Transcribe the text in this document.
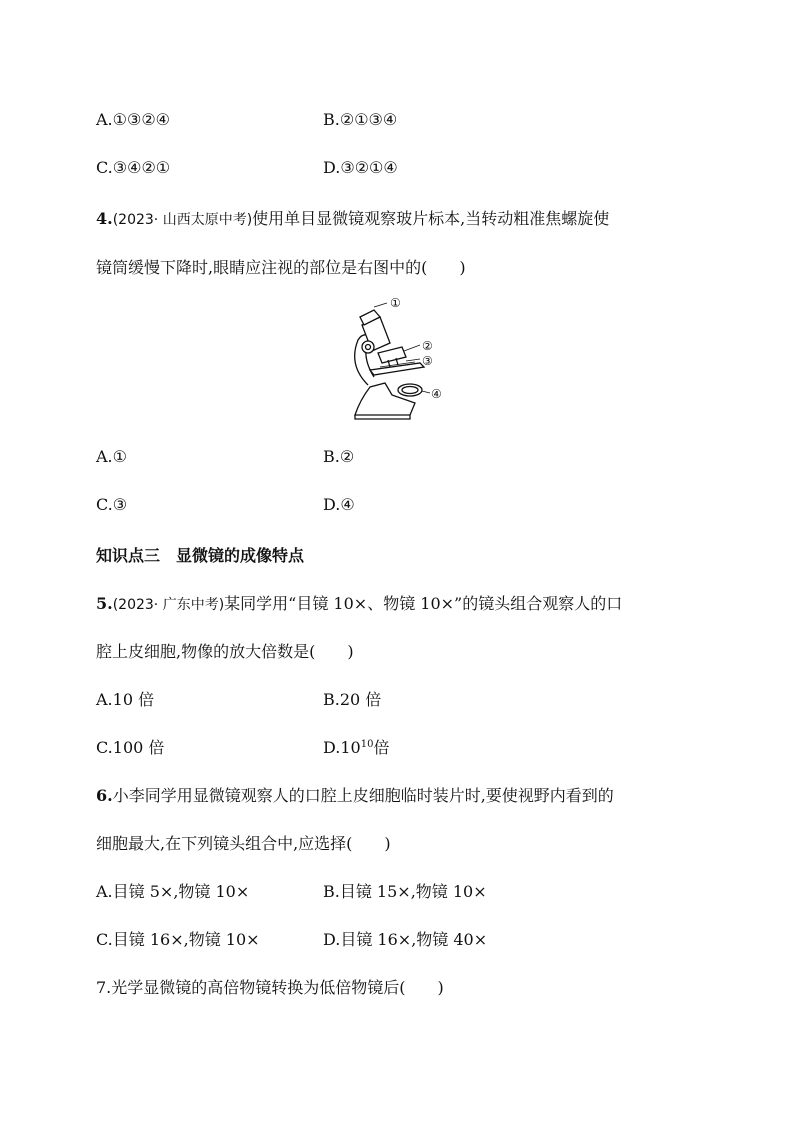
A.①③②④	B.②①③④
C.③④②①	D.③②①④
4.(2023· 山西太原中考)使用单目显微镜观察玻片标本,当转动粗准焦螺旋使
镜筒缓慢下降时,眼睛应注视的部位是右图中的(　　)
①
②
③
④
A.①	B.②
C.③	D.④
知识点三　显微镜的成像特点
5.(2023· 广东中考)某同学用“目镜 10×、物镜 10×”的镜头组合观察人的口
腔上皮细胞,物像的放大倍数是(　　)
A.10 倍	B.20 倍
C.100 倍	$D.10^{10}$倍
6.小李同学用显微镜观察人的口腔上皮细胞临时装片时,要使视野内看到的
细胞最大,在下列镜头组合中,应选择(　　)
A.目镜 5×,物镜 10×	B.目镜 15×,物镜 10×
C.目镜 16×,物镜 10×	D.目镜 16×,物镜 40×
7.光学显微镜的高倍物镜转换为低倍物镜后(　　)
